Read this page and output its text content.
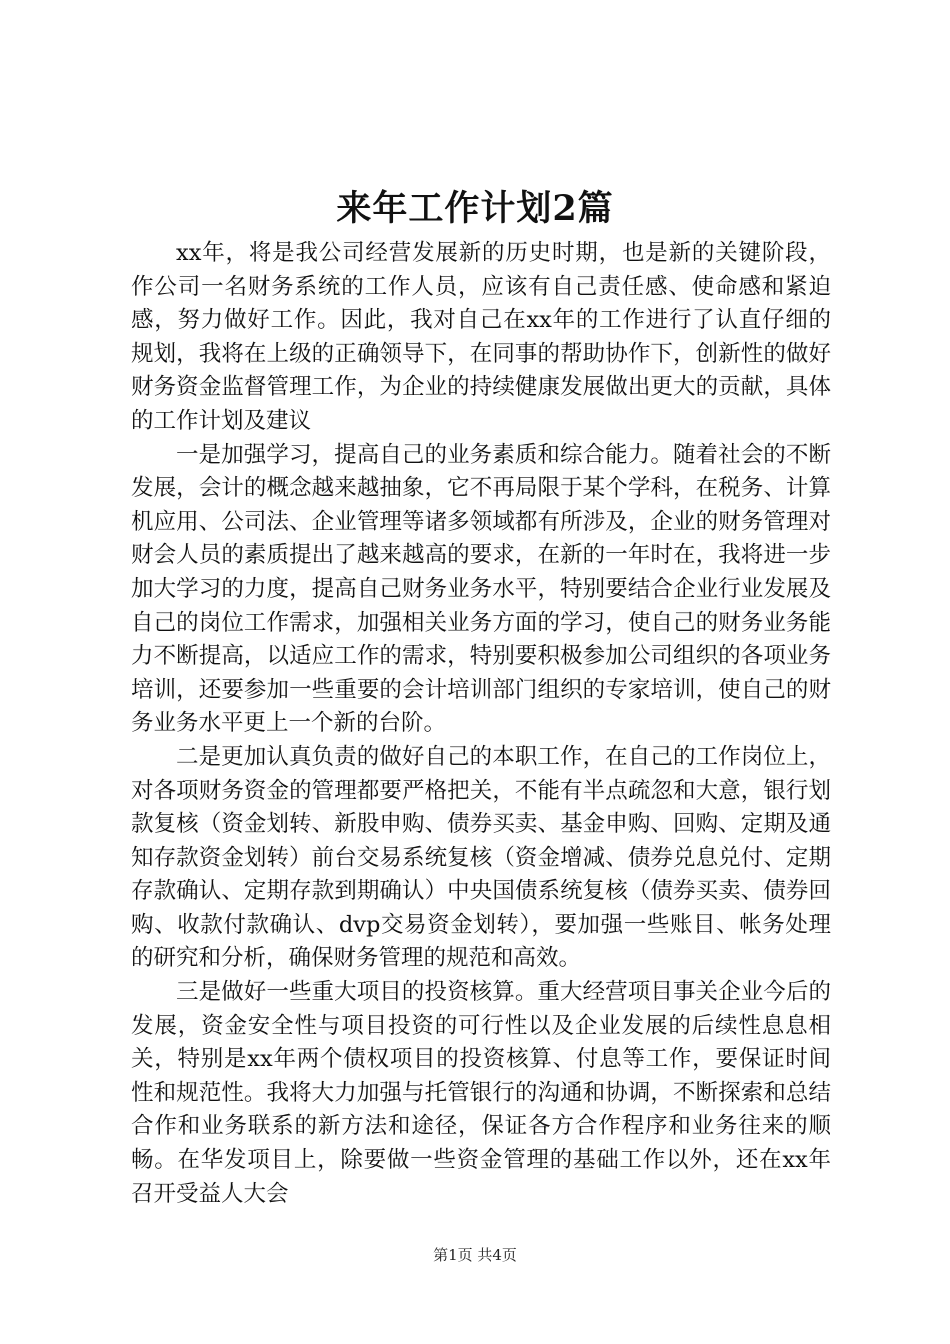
来年工作计划2篇

xx年，将是我公司经营发展新的历史时期，也是新的关键阶段，作公司一名财务系统的工作人员，应该有自己责任感、使命感和紧迫感，努力做好工作。因此，我对自己在xx年的工作进行了认直仔细的规划，我将在上级的正确领导下，在同事的帮助协作下，创新性的做好财务资金监督管理工作，为企业的持续健康发展做出更大的贡献，具体的工作计划及建议

一是加强学习，提高自己的业务素质和综合能力。随着社会的不断发展，会计的概念越来越抽象，它不再局限于某个学科，在税务、计算机应用、公司法、企业管理等诸多领域都有所涉及，企业的财务管理对财会人员的素质提出了越来越高的要求，在新的一年时在，我将进一步加大学习的力度，提高自己财务业务水平，特别要结合企业行业发展及自己的岗位工作需求，加强相关业务方面的学习，使自己的财务业务能力不断提高，以适应工作的需求，特别要积极参加公司组织的各项业务培训，还要参加一些重要的会计培训部门组织的专家培训，使自己的财务业务水平更上一个新的台阶。

二是更加认真负责的做好自己的本职工作，在自己的工作岗位上，对各项财务资金的管理都要严格把关，不能有半点疏忽和大意，银行划款复核（资金划转、新股申购、债券买卖、基金申购、回购、定期及通知存款资金划转）前台交易系统复核（资金增减、债券兑息兑付、定期存款确认、定期存款到期确认）中央国债系统复核（债券买卖、债券回购、收款付款确认、dvp交易资金划转），要加强一些账目、帐务处理的研究和分析，确保财务管理的规范和高效。

三是做好一些重大项目的投资核算。重大经营项目事关企业今后的发展，资金安全性与项目投资的可行性以及企业发展的后续性息息相关，特别是xx年两个债权项目的投资核算、付息等工作，要保证时间性和规范性。我将大力加强与托管银行的沟通和协调，不断探索和总结合作和业务联系的新方法和途径，保证各方合作程序和业务往来的顺畅。在华发项目上，除要做一些资金管理的基础工作以外，还在xx年召开受益人大会

第1页 共4页
